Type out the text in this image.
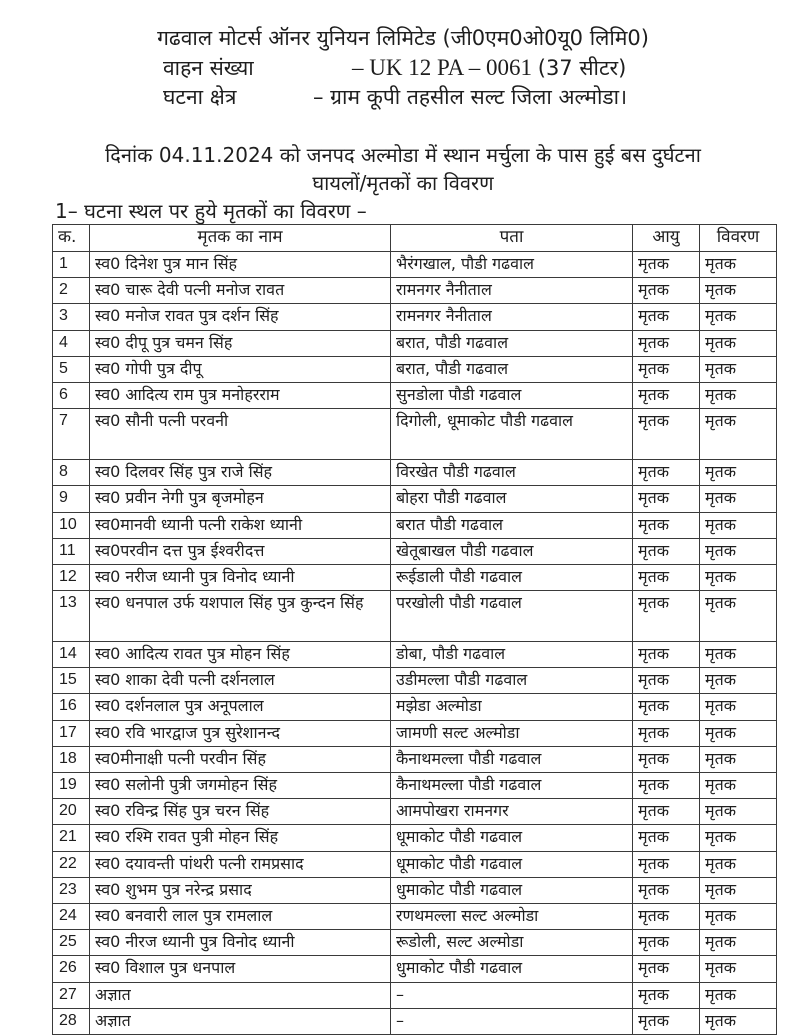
गढवाल मोटर्स ऑनर युनियन लिमिटेड (जी0एम0ओ0यू0 लिमि0)
वाहन संख्या	– UK 12 PA – 0061 (37 सीटर)
घटना क्षेत्र	– ग्राम कूपी तहसील सल्ट जिला अल्मोडा।
दिनांक 04.11.2024 को जनपद अल्मोडा में स्थान मर्चुला के पास हुई बस दुर्घटना
घायलों/मृतकों का विवरण
1– घटना स्थल पर हुये मृतकों का विवरण –
क.	मृतक का नाम	पता	आयु	विवरण
1	स्व0 दिनेश पुत्र मान सिंह	भैरंगखाल, पौडी गढवाल	मृतक	मृतक
2	स्व0 चारू देवी पत्नी मनोज रावत	रामनगर नैनीताल	मृतक	मृतक
3	स्व0 मनोज रावत पुत्र दर्शन सिंह	रामनगर नैनीताल	मृतक	मृतक
4	स्व0 दीपू पुत्र चमन सिंह	बरात, पौडी गढवाल	मृतक	मृतक
5	स्व0 गोपी पुत्र दीपू	बरात, पौडी गढवाल	मृतक	मृतक
6	स्व0 आदित्य राम पुत्र मनोहरराम	सुनडोला पौडी गढवाल	मृतक	मृतक
7	स्व0 सौनी पत्नी परवनी	दिगोली, धूमाकोट पौडी गढवाल	मृतक	मृतक
8	स्व0 दिलवर सिंह पुत्र राजे सिंह	विरखेत पौडी गढवाल	मृतक	मृतक
9	स्व0 प्रवीन नेगी पुत्र बृजमोहन	बोहरा पौडी गढवाल	मृतक	मृतक
10	स्व0मानवी ध्यानी पत्नी राकेश ध्यानी	बरात पौडी गढवाल	मृतक	मृतक
11	स्व0परवीन दत्त पुत्र ईश्वरीदत्त	खेतूबाखल पौडी गढवाल	मृतक	मृतक
12	स्व0 नरीज ध्यानी पुत्र विनोद ध्यानी	रूईडाली पौडी गढवाल	मृतक	मृतक
13	स्व0 धनपाल उर्फ यशपाल सिंह पुत्र कुन्दन सिंह	परखोली पौडी गढवाल	मृतक	मृतक
14	स्व0 आदित्य रावत पुत्र मोहन सिंह	डोबा, पौडी गढवाल	मृतक	मृतक
15	स्व0 शाका देवी पत्नी दर्शनलाल	उडीमल्ला पौडी गढवाल	मृतक	मृतक
16	स्व0 दर्शनलाल पुत्र अनूपलाल	मझेडा अल्मोडा	मृतक	मृतक
17	स्व0 रवि भारद्वाज पुत्र सुरेशानन्द	जामणी सल्ट अल्मोडा	मृतक	मृतक
18	स्व0मीनाक्षी पत्नी परवीन सिंह	कैनाथमल्ला पौडी गढवाल	मृतक	मृतक
19	स्व0 सलोनी पुत्री जगमोहन सिंह	कैनाथमल्ला पौडी गढवाल	मृतक	मृतक
20	स्व0 रविन्द्र सिंह पुत्र चरन सिंह	आमपोखरा रामनगर	मृतक	मृतक
21	स्व0 रश्मि रावत पुत्री मोहन सिंह	धूमाकोट पौडी गढवाल	मृतक	मृतक
22	स्व0 दयावन्ती पांथरी पत्नी रामप्रसाद	धूमाकोट पौडी गढवाल	मृतक	मृतक
23	स्व0 शुभम पुत्र नरेन्द्र प्रसाद	धुमाकोट पौडी गढवाल	मृतक	मृतक
24	स्व0 बनवारी लाल पुत्र रामलाल	रणथमल्ला सल्ट अल्मोडा	मृतक	मृतक
25	स्व0 नीरज ध्यानी पुत्र विनोद ध्यानी	रूडोली, सल्ट अल्मोडा	मृतक	मृतक
26	स्व0 विशाल पुत्र धनपाल	धुमाकोट पौडी गढवाल	मृतक	मृतक
27	अज्ञात	–	मृतक	मृतक
28	अज्ञात	–	मृतक	मृतक
